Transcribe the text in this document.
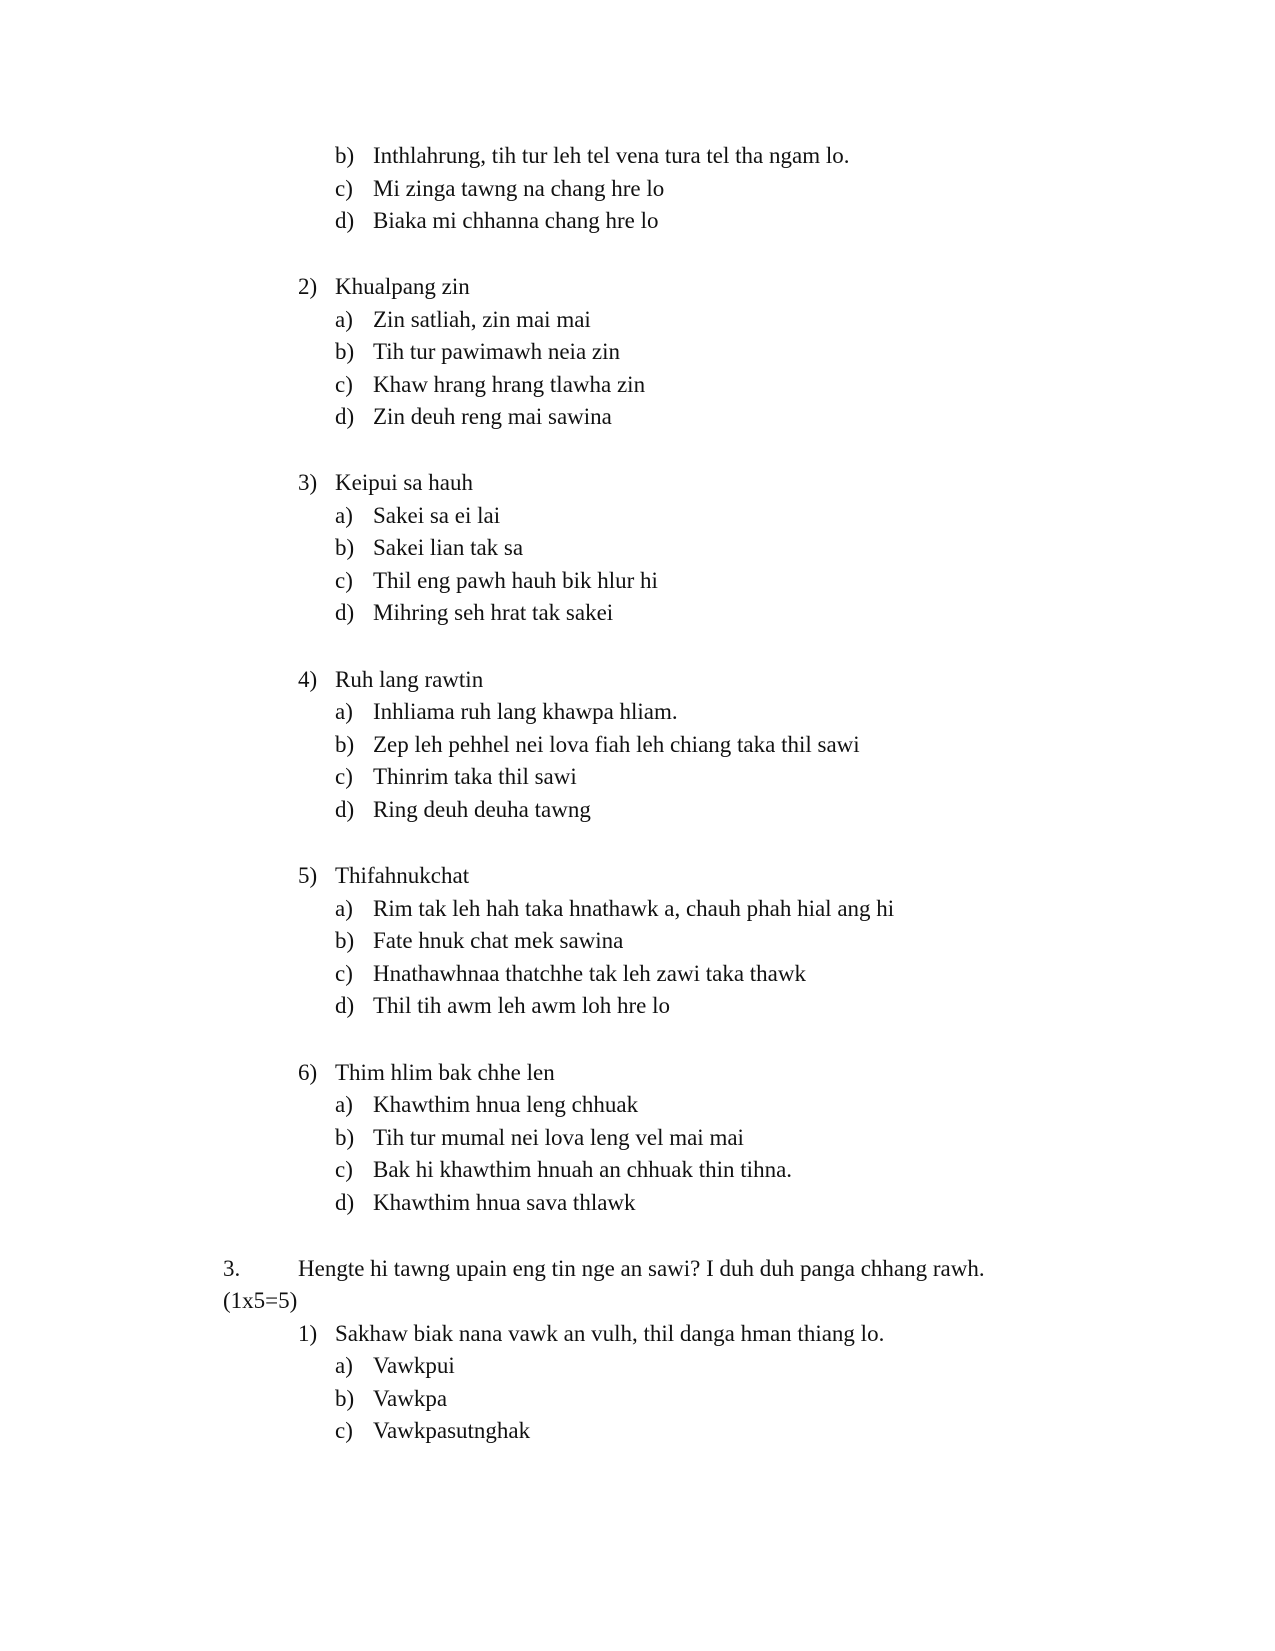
b) Inthlahrung, tih tur leh tel vena tura tel tha ngam lo.
c) Mi zinga tawng na chang hre lo
d) Biaka mi chhanna chang hre lo
2) Khualpang zin
a) Zin satliah, zin mai mai
b) Tih tur pawimawh neia zin
c) Khaw hrang hrang tlawha zin
d) Zin deuh reng mai sawina
3) Keipui sa hauh
a) Sakei sa ei lai
b) Sakei lian tak sa
c) Thil eng pawh hauh bik hlur hi
d) Mihring seh hrat tak sakei
4) Ruh lang rawtin
a) Inhliama ruh lang khawpa hliam.
b) Zep leh pehhel nei lova fiah leh chiang taka thil sawi
c) Thinrim taka thil sawi
d) Ring deuh deuha tawng
5) Thifahnukchat
a) Rim tak leh hah taka hnathawk a, chauh phah hial ang hi
b) Fate hnuk chat mek sawina
c) Hnathawhnaa thatchhe tak leh zawi taka thawk
d) Thil tih awm leh awm loh hre lo
6) Thim hlim bak chhe len
a) Khawthim hnua leng chhuak
b) Tih tur mumal nei lova leng vel mai mai
c) Bak hi khawthim hnuah an chhuak thin tihna.
d) Khawthim hnua sava thlawk
3.	Hengte hi tawng upain eng tin nge an sawi? I duh duh panga chhang rawh.
(1x5=5)
1) Sakhaw biak nana vawk an vulh, thil danga hman thiang lo.
a) Vawkpui
b) Vawkpa
c) Vawkpasutnghak
